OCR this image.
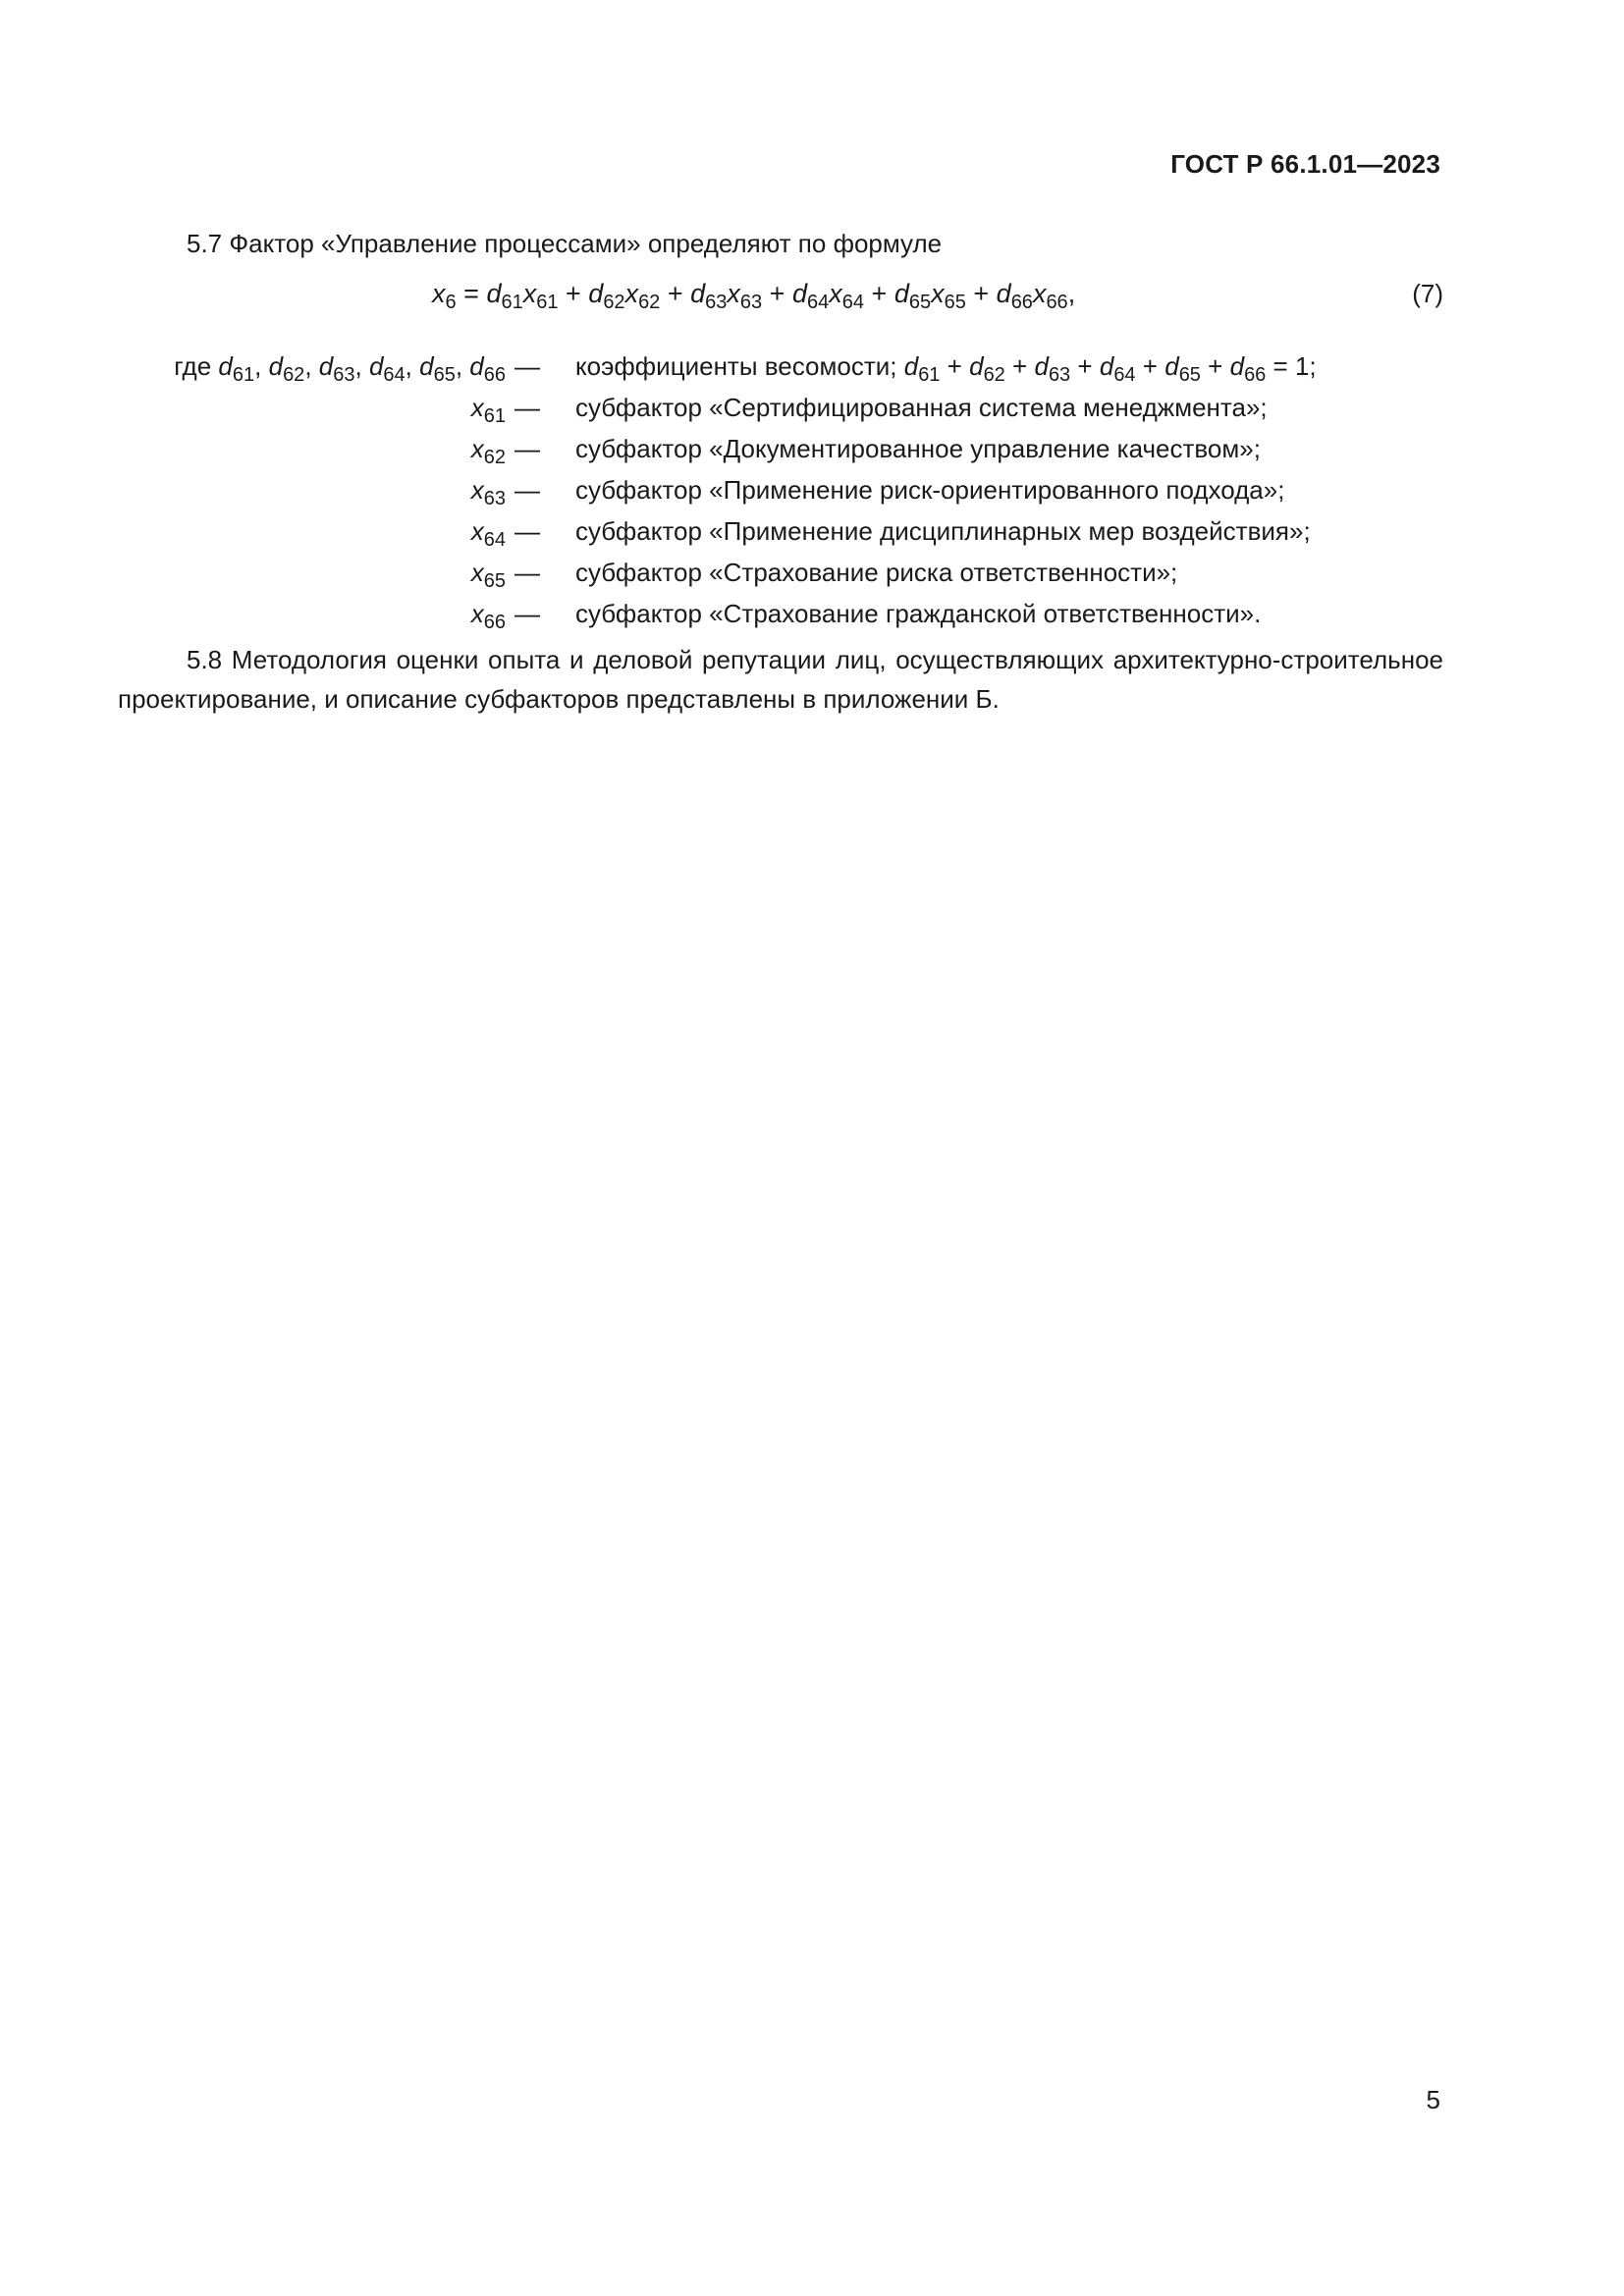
ГОСТ Р 66.1.01—2023
5.7 Фактор «Управление процессами» определяют по формуле
$x_6 = d_{61}x_{61} + d_{62}x_{62} + d_{63}x_{63} + d_{64}x_{64} + d_{65}x_{65} + d_{66}x_{66}$,	(7)
где $d_{61}$, $d_{62}$, $d_{63}$, $d_{64}$, $d_{65}$, $d_{66}$ — коэффициенты весомости; $d_{61} + d_{62} + d_{63} + d_{64} + d_{65} + d_{66} = 1$;
$x_{61}$ — субфактор «Сертифицированная система менеджмента»;
$x_{62}$ — субфактор «Документированное управление качеством»;
$x_{63}$ — субфактор «Применение риск-ориентированного подхода»;
$x_{64}$ — субфактор «Применение дисциплинарных мер воздействия»;
$x_{65}$ — субфактор «Страхование риска ответственности»;
$x_{66}$ — субфактор «Страхование гражданской ответственности».
5.8 Методология оценки опыта и деловой репутации лиц, осуществляющих архитектурно-строительное проектирование, и описание субфакторов представлены в приложении Б.
5
